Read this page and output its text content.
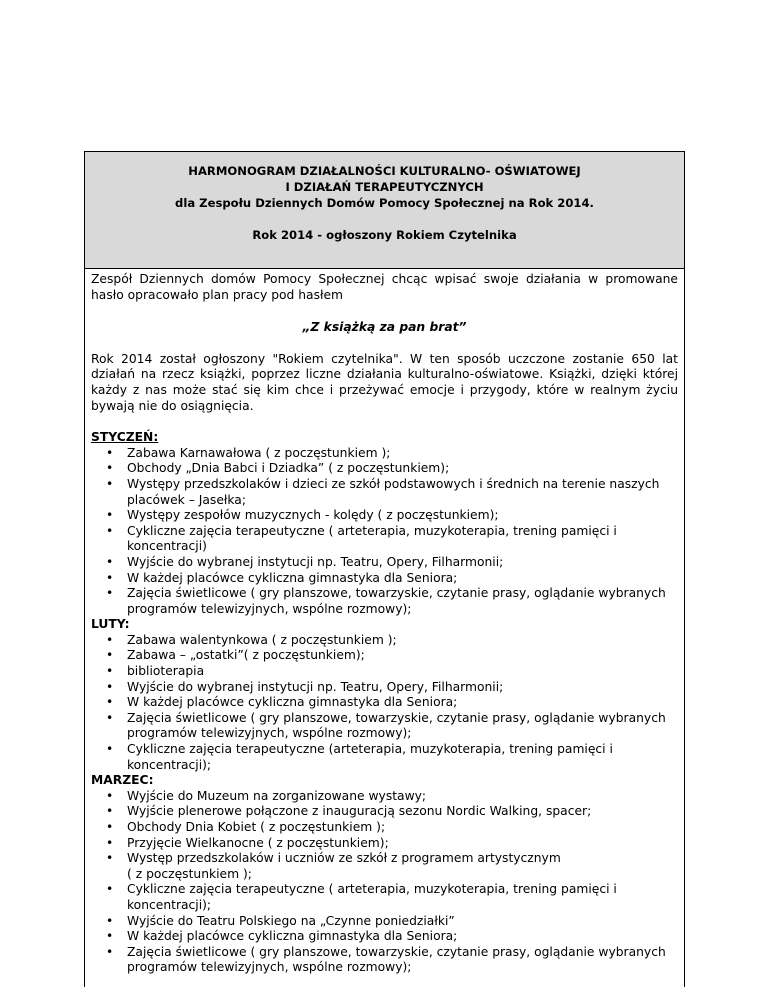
HARMONOGRAM DZIAŁALNOŚCI KULTURALNO- OŚWIATOWEJ
I DZIAŁAŃ TERAPEUTYCZNYCH
dla Zespołu Dziennych Domów Pomocy Społecznej na Rok 2014.
Rok 2014 - ogłoszony Rokiem Czytelnika

Zespół Dziennych domów Pomocy Społecznej chcąc wpisać swoje działania w promowane hasło opracowało plan pracy pod hasłem

„Z książką za pan brat”

Rok 2014 został ogłoszony "Rokiem czytelnika". W ten sposób uczczone zostanie 650 lat działań na rzecz książki, poprzez liczne działania kulturalno-oświatowe. Książki, dzięki której każdy z nas może stać się kim chce i przeżywać emocje i przygody, które w realnym życiu bywają nie do osiągnięcia.

STYCZEŃ:
• Zabawa Karnawałowa ( z poczęstunkiem );
• Obchody „Dnia Babci i Dziadka” ( z poczęstunkiem);
• Występy przedszkolaków i dzieci ze szkół podstawowych i średnich na terenie naszych placówek – Jasełka;
• Występy zespołów muzycznych - kolędy ( z poczęstunkiem);
• Cykliczne zajęcia terapeutyczne ( arteterapia, muzykoterapia, trening pamięci i koncentracji)
• Wyjście do wybranej instytucji np. Teatru, Opery, Filharmonii;
• W każdej placówce cykliczna gimnastyka dla Seniora;
• Zajęcia świetlicowe ( gry planszowe, towarzyskie, czytanie prasy, oglądanie wybranych programów telewizyjnych, wspólne rozmowy);
LUTY:
• Zabawa walentynkowa ( z poczęstunkiem );
• Zabawa – „ostatki”( z poczęstunkiem);
• biblioterapia
• Wyjście do wybranej instytucji np. Teatru, Opery, Filharmonii;
• W każdej placówce cykliczna gimnastyka dla Seniora;
• Zajęcia świetlicowe ( gry planszowe, towarzyskie, czytanie prasy, oglądanie wybranych programów telewizyjnych, wspólne rozmowy);
• Cykliczne zajęcia terapeutyczne (arteterapia, muzykoterapia, trening pamięci i koncentracji);
MARZEC:
• Wyjście do Muzeum na zorganizowane wystawy;
• Wyjście plenerowe połączone z inauguracją sezonu Nordic Walking, spacer;
• Obchody Dnia Kobiet ( z poczęstunkiem );
• Przyjęcie Wielkanocne ( z poczęstunkiem);
• Występ przedszkolaków i uczniów ze szkół z programem artystycznym
( z poczęstunkiem );
• Cykliczne zajęcia terapeutyczne ( arteterapia, muzykoterapia, trening pamięci i koncentracji);
• Wyjście do Teatru Polskiego na „Czynne poniedziałki”
• W każdej placówce cykliczna gimnastyka dla Seniora;
• Zajęcia świetlicowe ( gry planszowe, towarzyskie, czytanie prasy, oglądanie wybranych programów telewizyjnych, wspólne rozmowy);
